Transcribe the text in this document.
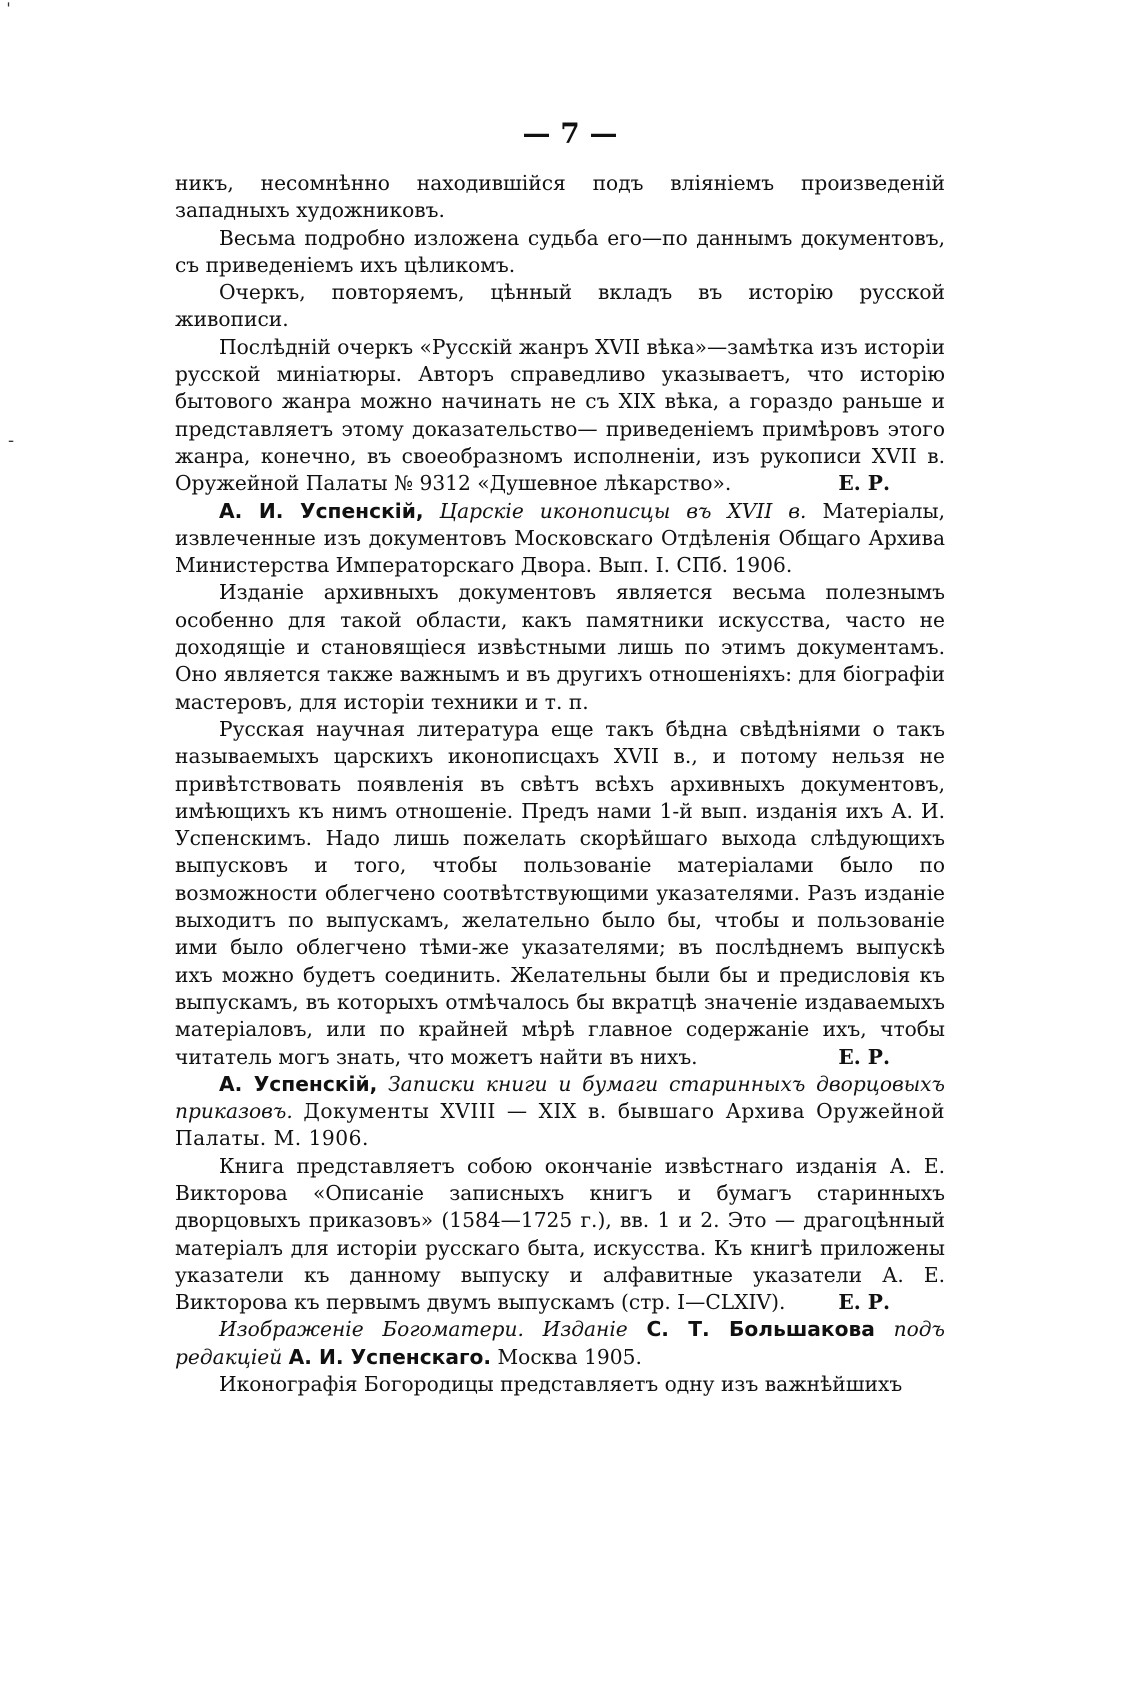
ˈ
-
— 7 —

никъ, несомнѣнно находившійся подъ вліяніемъ произведеній западныхъ художниковъ.

Весьма подробно изложена судьба его—по даннымъ документовъ, съ приведеніемъ ихъ цѣликомъ.

Очеркъ, повторяемъ, цѣнный вкладъ въ исторію русской живописи.

Послѣдній очеркъ «Русскій жанръ XVII вѣка»—замѣтка изъ исторіи русской миніатюры. Авторъ справедливо указываетъ, что исторію бытового жанра можно начинать не съ XIX вѣка, а гораздо раньше и представляетъ этому доказательство— приведеніемъ примѣровъ этого жанра, конечно, въ своеобразномъ исполненіи, изъ рукописи XVII в. Оружейной Палаты № 9312 «Душевное лѣкарство».	Е. Р.

А. И. Успенскій, Царскіе иконописцы въ XVII в. Матеріалы, извлеченные изъ документовъ Московскаго Отдѣленія Общаго Архива Министерства Императорскаго Двора. Вып. I. СПб. 1906.

Изданіе архивныхъ документовъ является весьма полезнымъ особенно для такой области, какъ памятники искусства, часто не доходящіе и становящіеся извѣстными лишь по этимъ документамъ. Оно является также важнымъ и въ другихъ отношеніяхъ: для біографіи мастеровъ, для исторіи техники и т. п.

Русская научная литература еще такъ бѣдна свѣдѣніями о такъ называемыхъ царскихъ иконописцахъ XVII в., и потому нельзя не привѣтствовать появленія въ свѣтъ всѣхъ архивныхъ документовъ, имѣющихъ къ нимъ отношеніе. Предъ нами 1-й вып. изданія ихъ А. И. Успенскимъ. Надо лишь пожелать скорѣйшаго выхода слѣдующихъ выпусковъ и того, чтобы пользованіе матеріалами было по возможности облегчено соотвѣтствующими указателями. Разъ изданіе выходитъ по выпускамъ, желательно было бы, чтобы и пользованіе ими было облегчено тѣми-же указателями; въ послѣднемъ выпускѣ ихъ можно будетъ соединить. Желательны были бы и предисловія къ выпускамъ, въ которыхъ отмѣчалось бы вкратцѣ значеніе издаваемыхъ матеріаловъ, или по крайней мѣрѣ главное содержаніе ихъ, чтобы читатель могъ знать, что можетъ найти въ нихъ.	Е. Р.

А. Успенскій, Записки книги и бумаги старинныхъ дворцовыхъ приказовъ. Документы XVIII — XIX в. бывшаго Архива Оружейной Палаты. М. 1906.

Книга представляетъ собою окончаніе извѣстнаго изданія А. Е. Викторова «Описаніе записныхъ книгъ и бумагъ старинныхъ дворцовыхъ приказовъ» (1584—1725 г.), вв. 1 и 2. Это — драгоцѣнный матеріалъ для исторіи русскаго быта, искусства. Къ книгѣ приложены указатели къ данному выпуску и алфавитные указатели А. Е. Викторова къ первымъ двумъ выпускамъ (стр. I—CLXIV).	Е. Р.

Изображеніе Богоматери. Изданіе С. Т. Большакова подъ редакціей А. И. Успенскаго. Москва 1905.

Иконографія Богородицы представляетъ одну изъ важнѣйшихъ
